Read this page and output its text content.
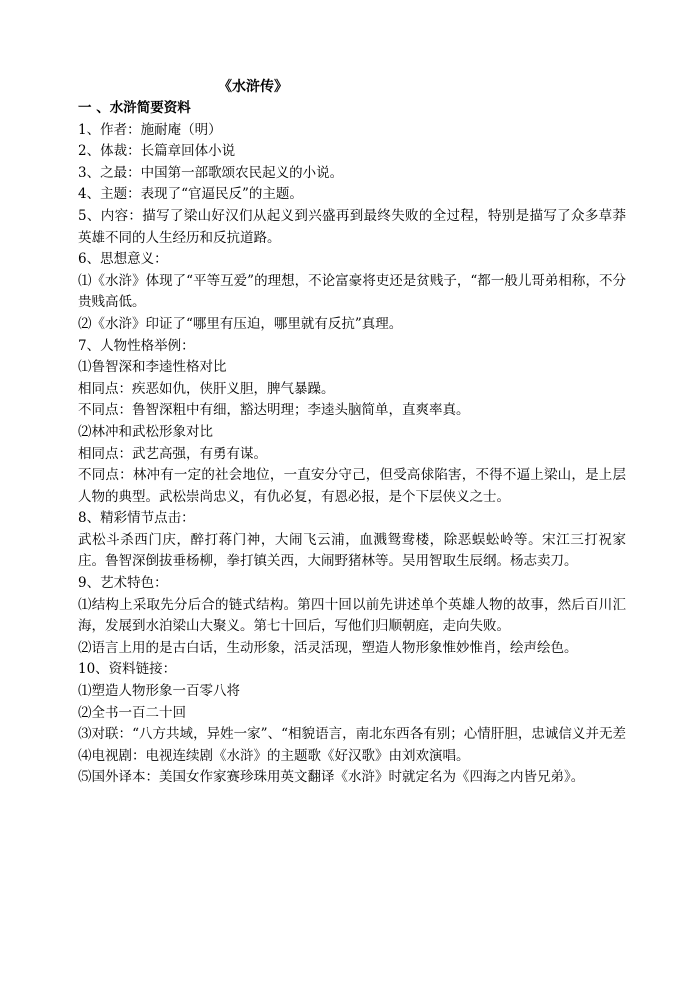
《水浒传》
一 、水浒简要资料
1、作者：施耐庵（明）
2、体裁：长篇章回体小说
3、之最：中国第一部歌颂农民起义的小说。
4、主题：表现了“官逼民反”的主题。
5、内容：描写了梁山好汉们从起义到兴盛再到最终失败的全过程，特别是描写了众多草莽英雄不同的人生经历和反抗道路。
6、思想意义：
⑴《水浒》体现了“平等互爱”的理想，不论富豪将吏还是贫贱子，“都一般儿哥弟相称，不分贵贱高低。
⑵《水浒》印证了“哪里有压迫，哪里就有反抗”真理。
7、人物性格举例：
⑴鲁智深和李逵性格对比
相同点：疾恶如仇，侠肝义胆，脾气暴躁。
不同点：鲁智深粗中有细，豁达明理；李逵头脑简单，直爽率真。
⑵林冲和武松形象对比
相同点：武艺高强，有勇有谋。
不同点：林冲有一定的社会地位，一直安分守己，但受高俅陷害，不得不逼上梁山，是上层人物的典型。武松崇尚忠义，有仇必复，有恩必报，是个下层侠义之士。
8、精彩情节点击：
武松斗杀西门庆，醉打蒋门神，大闹飞云浦，血溅鸳鸯楼，除恶蜈蚣岭等。宋江三打祝家庄。鲁智深倒拔垂杨柳，拳打镇关西，大闹野猪林等。吴用智取生辰纲。杨志卖刀。
9、艺术特色：
⑴结构上采取先分后合的链式结构。第四十回以前先讲述单个英雄人物的故事，然后百川汇海，发展到水泊梁山大聚义。第七十回后，写他们归顺朝庭，走向失败。
⑵语言上用的是古白话，生动形象，活灵活现，塑造人物形象惟妙惟肖，绘声绘色。
10、资料链接：
⑴塑造人物形象一百零八将
⑵全书一百二十回
⑶对联：“八方共域，异姓一家”、“相貌语言，南北东西各有别；心情肝胆，忠诚信义并无差⑷电视剧：电视连续剧《水浒》的主题歌《好汉歌》由刘欢演唱。
⑸国外译本：美国女作家赛珍珠用英文翻译《水浒》时就定名为《四海之内皆兄弟》。
